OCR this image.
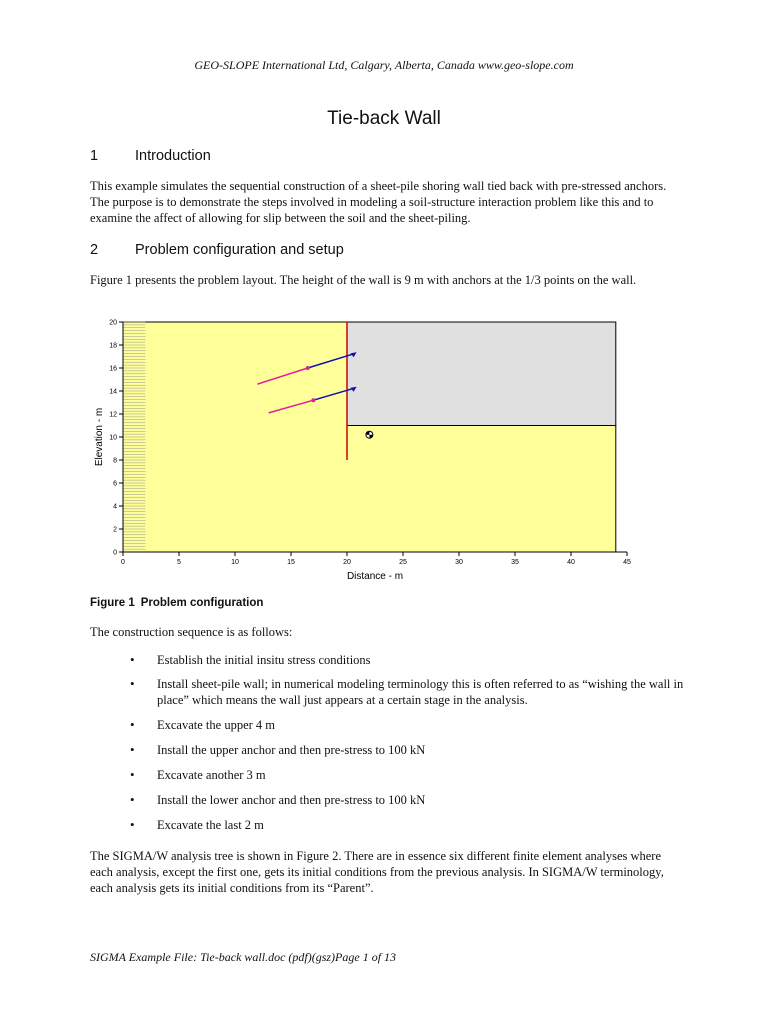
GEO-SLOPE International Ltd, Calgary, Alberta, Canada www.geo-slope.com
Tie-back Wall
1	Introduction

This example simulates the sequential construction of a sheet-pile shoring wall tied back with pre-stressed anchors. The purpose is to demonstrate the steps involved in modeling a soil-structure interaction problem like this and to examine the affect of allowing for slip between the soil and the sheet-piling.

2	Problem configuration and setup

Figure 1 presents the problem layout. The height of the wall is 9 m with anchors at the 1/3 points on the wall.

0	5	10	15	20	25	30	35	40	45
0
2
4
6
8
10
12
14
16
18
20
Elevation - m
Distance - m
Figure 1 Problem configuration

The construction sequence is as follows:

• Establish the initial insitu stress conditions
• Install sheet-pile wall; in numerical modeling terminology this is often referred to as “wishing the wall in place” which means the wall just appears at a certain stage in the analysis.
• Excavate the upper 4 m
• Install the upper anchor and then pre-stress to 100 kN
• Excavate another 3 m
• Install the lower anchor and then pre-stress to 100 kN
• Excavate the last 2 m

The SIGMA/W analysis tree is shown in Figure 2. There are in essence six different finite element analyses where each analysis, except the first one, gets its initial conditions from the previous analysis. In SIGMA/W terminology, each analysis gets its initial conditions from its “Parent”.

SIGMA Example File: Tie-back wall.doc (pdf)(gsz)Page 1 of 13
